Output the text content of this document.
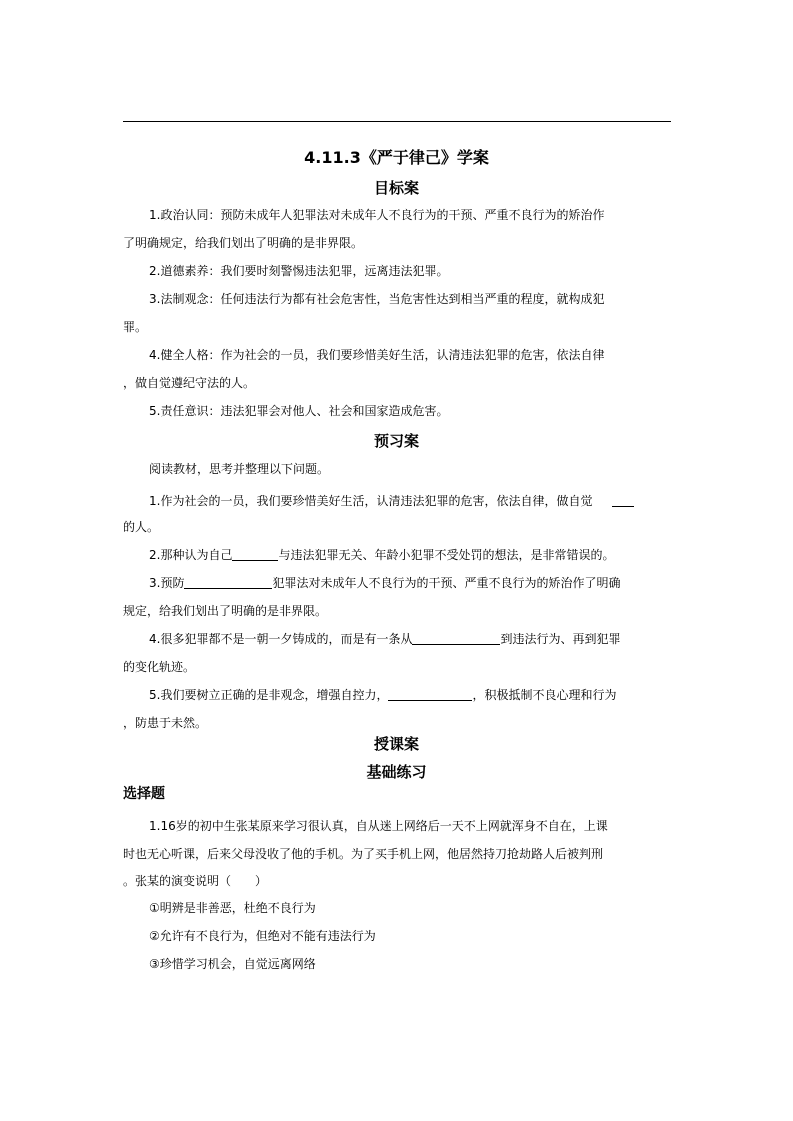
4.11.3《严于律己》学案
目标案
1.政治认同：预防未成年人犯罪法对未成年人不良行为的干预、严重不良行为的矫治作
了明确规定，给我们划出了明确的是非界限。
2.道德素养：我们要时刻警惕违法犯罪，远离违法犯罪。
3.法制观念：任何违法行为都有社会危害性，当危害性达到相当严重的程度，就构成犯
罪。
4.健全人格：作为社会的一员，我们要珍惜美好生活，认清违法犯罪的危害，依法自律
，做自觉遵纪守法的人。
5.责任意识：违法犯罪会对他人、社会和国家造成危害。
预习案
阅读教材，思考并整理以下问题。
1.作为社会的一员，我们要珍惜美好生活，认清违法犯罪的危害，依法自律，做自觉
的人。
2.那种认为自己	与违法犯罪无关、年龄小犯罪不受处罚的想法，是非常错误的。
3.预防	犯罪法对未成年人不良行为的干预、严重不良行为的矫治作了明确
规定，给我们划出了明确的是非界限。
4.很多犯罪都不是一朝一夕铸成的，而是有一条从	到违法行为、再到犯罪
的变化轨迹。
5.我们要树立正确的是非观念，增强自控力，	，积极抵制不良心理和行为
，防患于未然。
授课案
基础练习
选择题
1.16岁的初中生张某原来学习很认真，自从迷上网络后一天不上网就浑身不自在，上课
时也无心听课，后来父母没收了他的手机。为了买手机上网，他居然持刀抢劫路人后被判刑
。张某的演变说明（　　）
①明辨是非善恶，杜绝不良行为
②允许有不良行为，但绝对不能有违法行为
③珍惜学习机会，自觉远离网络
